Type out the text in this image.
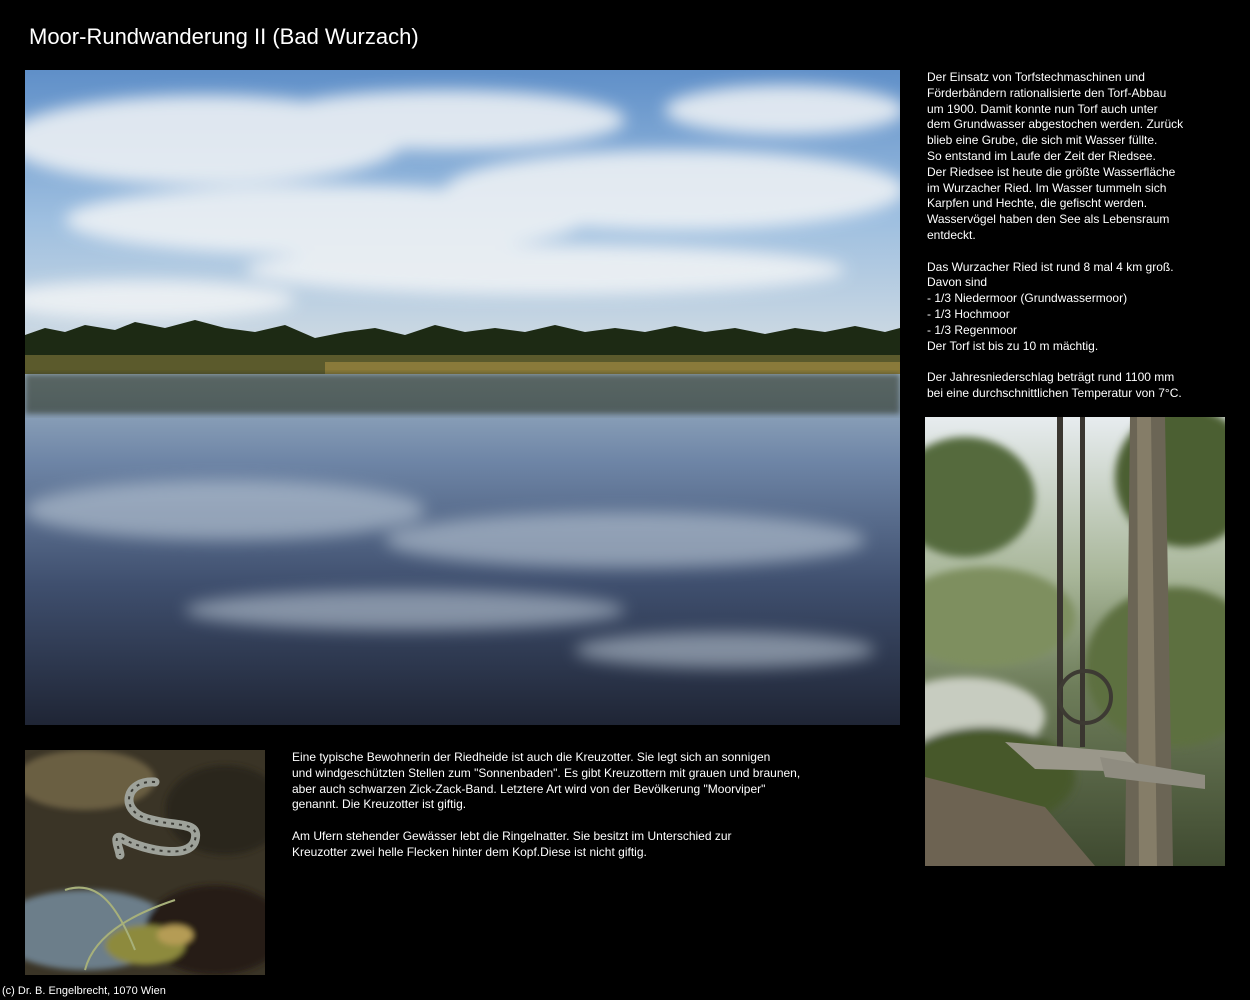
Moor-Rundwanderung II (Bad Wurzach)

Der Einsatz von Torfstechmaschinen und
Förderbändern rationalisierte den Torf-Abbau
um 1900. Damit konnte nun Torf auch unter
dem Grundwasser abgestochen werden. Zurück
blieb eine Grube, die sich mit Wasser füllte.
So entstand im Laufe der Zeit der Riedsee.
Der Riedsee ist heute die größte Wasserfläche
im Wurzacher Ried. Im Wasser tummeln sich
Karpfen und Hechte, die gefischt werden.
Wasservögel haben den See als Lebensraum
entdeckt.

Das Wurzacher Ried ist rund 8 mal 4 km groß.
Davon sind
- 1/3 Niedermoor (Grundwassermoor)
- 1/3 Hochmoor
- 1/3 Regenmoor
Der Torf ist bis zu 10 m mächtig.

Der Jahresniederschlag beträgt rund 1100 mm
bei eine durchschnittlichen Temperatur von 7°C.

Eine typische Bewohnerin der Riedheide ist auch die Kreuzotter. Sie legt sich an sonnigen
und windgeschützten Stellen zum "Sonnenbaden". Es gibt Kreuzottern mit grauen und braunen,
aber auch schwarzen Zick-Zack-Band. Letztere Art wird von der Bevölkerung "Moorviper"
genannt. Die Kreuzotter ist giftig.

Am Ufern stehender Gewässer lebt die Ringelnatter. Sie besitzt im Unterschied zur
Kreuzotter zwei helle Flecken hinter dem Kopf.Diese ist nicht giftig.

(c) Dr. B. Engelbrecht, 1070 Wien
